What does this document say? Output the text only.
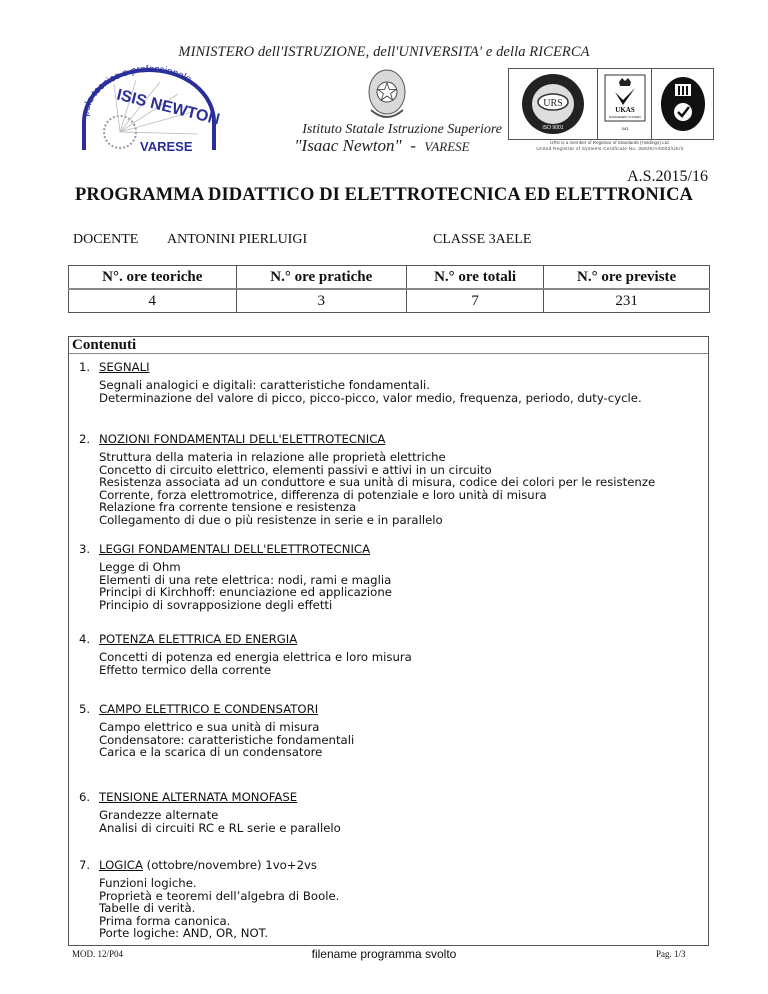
MINISTERO dell'ISTRUZIONE, dell'UNIVERSITA' e della RICERCA
polo tecnico e professionale
ISIS NEWTON
VARESE
Istituto Statale Istruzione Superiore
"Isaac Newton" - VARESE
URS
ISO 9001
UKAS
MANAGEMENT SYSTEMS
043
URS is a member of Registrar of Standards (Holdings) Ltd.
United Registrar of Systems Certificate No. 35920/A/0002/UK/it
A.S.2015/16
PROGRAMMA DIDATTICO DI ELETTROTECNICA ED ELETTRONICA
DOCENTE ANTONINI PIERLUIGI	CLASSE 3AELE
N°. ore teoriche	N.° ore pratiche	N.° ore totali	N.° ore previste
4	3	7	231
Contenuti
1. SEGNALI
Segnali analogici e digitali: caratteristiche fondamentali.
Determinazione del valore di picco, picco-picco, valor medio, frequenza, periodo, duty-cycle.
2. NOZIONI FONDAMENTALI DELL'ELETTROTECNICA
Struttura della materia in relazione alle proprietà elettriche
Concetto di circuito elettrico, elementi passivi e attivi in un circuito
Resistenza associata ad un conduttore e sua unità di misura, codice dei colori per le resistenze
Corrente, forza elettromotrice, differenza di potenziale e loro unità di misura
Relazione fra corrente tensione e resistenza
Collegamento di due o più resistenze in serie e in parallelo
3. LEGGI FONDAMENTALI DELL'ELETTROTECNICA
Legge di Ohm
Elementi di una rete elettrica: nodi, rami e maglia
Principi di Kirchhoff: enunciazione ed applicazione
Principio di sovrapposizione degli effetti
4. POTENZA ELETTRICA ED ENERGIA
Concetti di potenza ed energia elettrica e loro misura
Effetto termico della corrente
5. CAMPO ELETTRICO E CONDENSATORI
Campo elettrico e sua unità di misura
Condensatore: caratteristiche fondamentali
Carica e la scarica di un condensatore
6. TENSIONE ALTERNATA MONOFASE
Grandezze alternate
Analisi di circuiti RC e RL serie e parallelo
7. LOGICA (ottobre/novembre) 1vo+2vs
Funzioni logiche.
Proprietà e teoremi dell’algebra di Boole.
Tabelle di verità.
Prima forma canonica.
Porte logiche: AND, OR, NOT.
MOD. 12/P04	filename programma svolto	Pag. 1/3
